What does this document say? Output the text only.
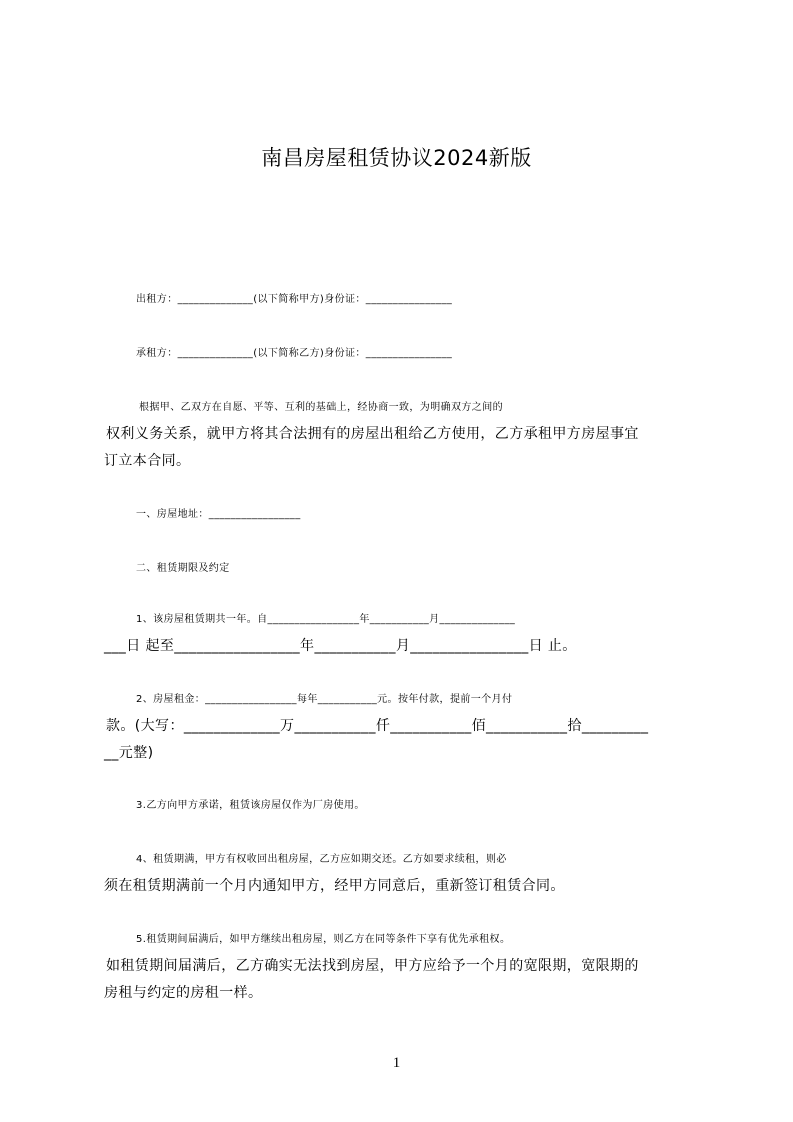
南昌房屋租赁协议2024新版
出租方：______________(以下简称甲方)身份证：________________
承租方：______________(以下简称乙方)身份证：________________
根据甲、乙双方在自愿、平等、互利的基础上，经协商一致，为明确双方之间的
权利义务关系，就甲方将其合法拥有的房屋出租给乙方使用，乙方承租甲方房屋事宜
订立本合同。
一、房屋地址：_________________
二、租赁期限及约定
1、该房屋租赁期共一年。自_________________年___________月______________
___日 起至_________________年___________月________________日 止。
2、房屋租金：_________________每年___________元。按年付款，提前一个月付
款。(大写：_____________万___________仟___________佰___________拾_________
__元整)
3.乙方向甲方承诺，租赁该房屋仅作为厂房使用。
4、租赁期满，甲方有权收回出租房屋，乙方应如期交还。乙方如要求续租，则必
须在租赁期满前一个月内通知甲方，经甲方同意后，重新签订租赁合同。
5.租赁期间届满后，如甲方继续出租房屋，则乙方在同等条件下享有优先承租权。
如租赁期间届满后，乙方确实无法找到房屋，甲方应给予一个月的宽限期，宽限期的
房租与约定的房租一样。
1
